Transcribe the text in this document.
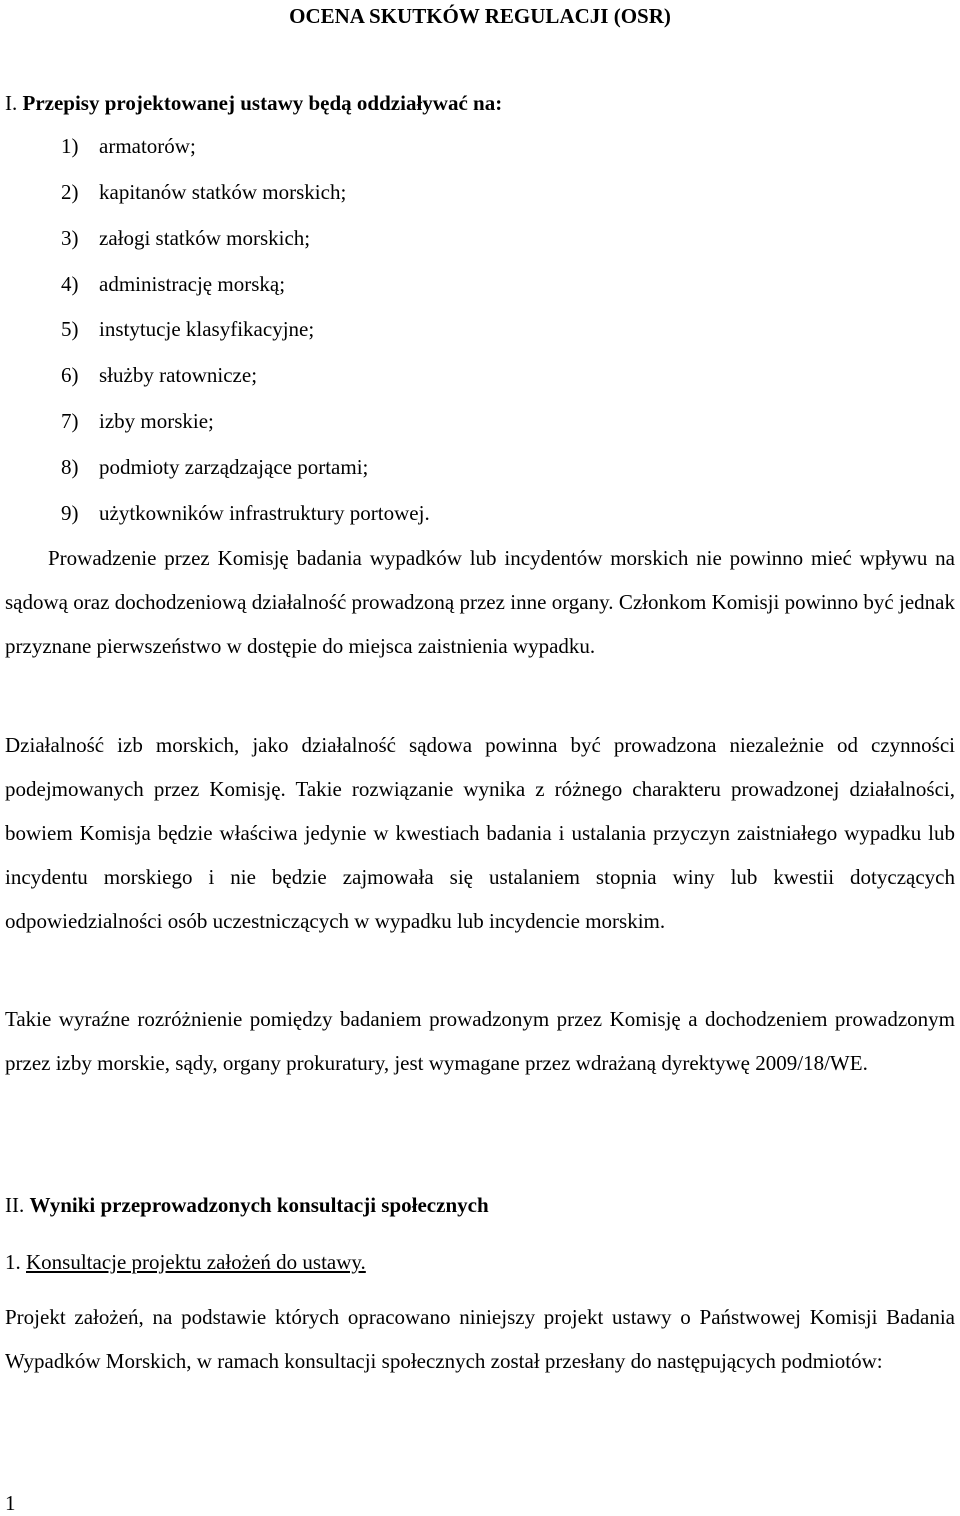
OCENA SKUTKÓW REGULACJI (OSR)
I. Przepisy projektowanej ustawy będą oddziaływać na:
1) armatorów;
2) kapitanów statków morskich;
3) załogi statków morskich;
4) administrację morską;
5) instytucje klasyfikacyjne;
6) służby ratownicze;
7) izby morskie;
8) podmioty zarządzające portami;
9) użytkowników infrastruktury portowej.

Prowadzenie przez Komisję badania wypadków lub incydentów morskich nie powinno mieć wpływu na sądową oraz dochodzeniową działalność prowadzoną przez inne organy. Członkom Komisji powinno być jednak przyznane pierwszeństwo w dostępie do miejsca zaistnienia wypadku.

Działalność izb morskich, jako działalność sądowa powinna być prowadzona niezależnie od czynności podejmowanych przez Komisję. Takie rozwiązanie wynika z różnego charakteru prowadzonej działalności, bowiem Komisja będzie właściwa jedynie w kwestiach badania i ustalania przyczyn zaistniałego wypadku lub incydentu morskiego i nie będzie zajmowała się ustalaniem stopnia winy lub kwestii dotyczących odpowiedzialności osób uczestniczących w wypadku lub incydencie morskim.

Takie wyraźne rozróżnienie pomiędzy badaniem prowadzonym przez Komisję a dochodzeniem prowadzonym przez izby morskie, sądy, organy prokuratury, jest wymagane przez wdrażaną dyrektywę 2009/18/WE.

II. Wyniki przeprowadzonych konsultacji społecznych
1. Konsultacje projektu założeń do ustawy.

Projekt założeń, na podstawie których opracowano niniejszy projekt ustawy o Państwowej Komisji Badania Wypadków Morskich, w ramach konsultacji społecznych został przesłany do następujących podmiotów:

1
